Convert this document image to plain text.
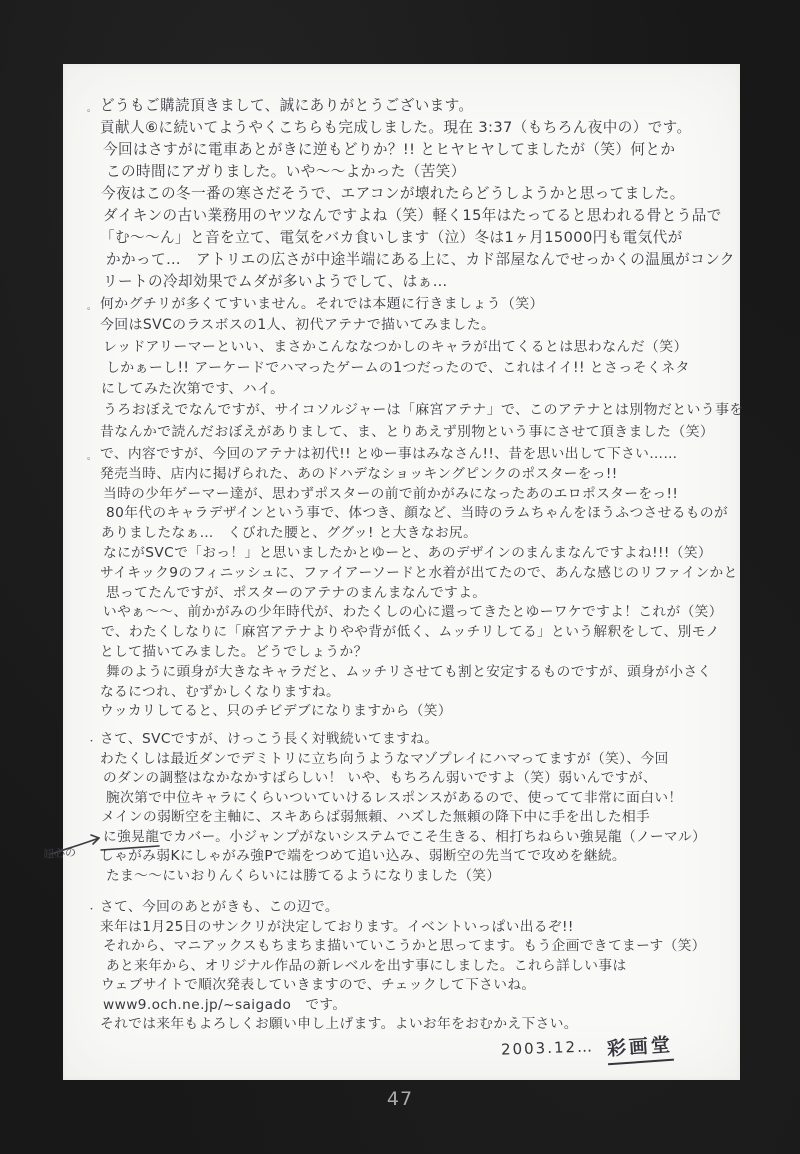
。 どうもご購読頂きまして、誠にありがとうございます。
貢献人⑥に続いてようやくこちらも完成しました。現在 3:37（もちろん夜中の）です。
今回はさすがに電車あとがきに逆もどりか？!! とヒヤヒヤしてましたが（笑）何とか
この時間にアガりました。いや〜〜よかった（苦笑）
今夜はこの冬一番の寒さだそうで、エアコンが壊れたらどうしようかと思ってました。
ダイキンの古い業務用のヤツなんですよね（笑）軽く15年はたってると思われる骨とう品で
「む〜〜ん」と音を立て、電気をバカ食いします（泣）冬は1ヶ月15000円も電気代が
かかって…　アトリエの広さが中途半端にある上に、カド部屋なんでせっかくの温風がコンク
リートの冷却効果でムダが多いようでして、はぁ…
。 何かグチリが多くてすいません。それでは本題に行きましょう（笑）
今回はSVCのラスボスの1人、初代アテナで描いてみました。
レッドアリーマーといい、まさかこんななつかしのキャラが出てくるとは思わなんだ（笑）
しかぁーし!! アーケードでハマったゲームの1つだったので、これはイイ!! とさっそくネタ
にしてみた次第です、ハイ。
うろおぼえでなんですが、サイコソルジャーは「麻宮アテナ」で、このアテナとは別物だという事を
昔なんかで読んだおぼえがありまして、ま、とりあえず別物という事にさせて頂きました（笑）
。 で、内容ですが、今回のアテナは初代!! とゆー事はみなさん!!、昔を思い出して下さい……
発売当時、店内に掲げられた、あのドハデなショッキングピンクのポスターをっ!!
当時の少年ゲーマー達が、思わずポスターの前で前かがみになったあのエロポスターをっ!!
80年代のキャラデザインという事で、体つき、顔など、当時のラムちゃんをほうふつさせるものが
ありましたなぁ…　くびれた腰と、ググッ! と大きなお尻。
なにがSVCで「おっ！」と思いましたかとゆーと、あのデザインのまんまなんですよね!!!（笑）
サイキック9のフィニッシュに、ファイアーソードと水着が出てたので、あんな感じのリファインかと
思ってたんですが、ポスターのアテナのまんまなんですよ。
いやぁ〜〜、前かがみの少年時代が、わたくしの心に還ってきたとゆーワケですよ！これが（笑）
で、わたくしなりに「麻宮アテナよりやや背が低く、ムッチリしてる」という解釈をして、別モノ
として描いてみました。どうでしょうか？
舞のように頭身が大きなキャラだと、ムッチリさせても割と安定するものですが、頭身が小さく
なるにつれ、むずかしくなりますね。
ウッカリしてると、只のチビデブになりますから（笑）
・ さて、SVCですが、けっこう長く対戦続いてますね。
わたくしは最近ダンでデミトリに立ち向うようなマゾプレイにハマってますが（笑）、今回
のダンの調整はなかなかすばらしい！ いや、もちろん弱いですよ（笑）弱いんですが、
腕次第で中位キャラにくらいついていけるレスポンスがあるので、使ってて非常に面白い！
メインの弱断空を主軸に、スキあらば弱無頼、ハズした無頼の降下中に手を出した相手
に強晃龍でカバー。小ジャンプがないシステムでこそ生きる、相打ちねらい強晃龍（ノーマル）
しゃがみ弱Kにしゃがみ強Pで端をつめて追い込み、弱断空の先当てで攻めを継続。
たま〜〜にいおりんくらいには勝てるようになりました（笑）
・ さて、今回のあとがきも、この辺で。
来年は1月25日のサンクリが決定しております。イベントいっぱい出るぞ!!
それから、マニアックスもちまちま描いていこうかと思ってます。もう企画できてまーす（笑）
あと来年から、オリジナル作品の新レベルを出す事にしました。これら詳しい事は
ウェブサイトで順次発表していきますので、チェックして下さいね。
www9.och.ne.jp/~saigado　です。
それでは来年もよろしくお願い申し上げます。よいお年をおむかえ下さい。
超必の
2003.12… 彩画堂
47
